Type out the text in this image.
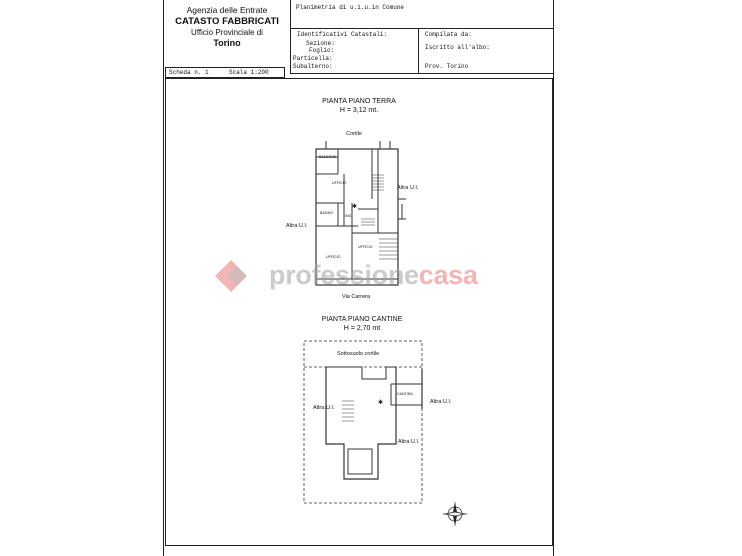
Agenzia delle Entrate
CATASTO FABBRICATI
Ufficio Provinciale di
Torino
Planimetria di u.i.u.in Comune
Identificativi Catastali:
Sezione:
Foglio:
Particella:
Subalterno:
Compilata da:
Iscritto all'albo:
Prov. Torino
Scheda n. 1	Scala 1:200
PIANTA PIANO TERRA
H = 3,12 mt.
Cortile
Altra U.I.
Altra U.I.
Via Carrera
✱
✱
BALCONE
UFFICIO
BAGNO
ING
UFFICIO
UFFICIO
PIANTA PIANO CANTINE
H = 2,70 mt
Sottosuolo cortile
Altra U.I.
Altra U.I.
Altra U.I.
CANTINA
professionecasa
